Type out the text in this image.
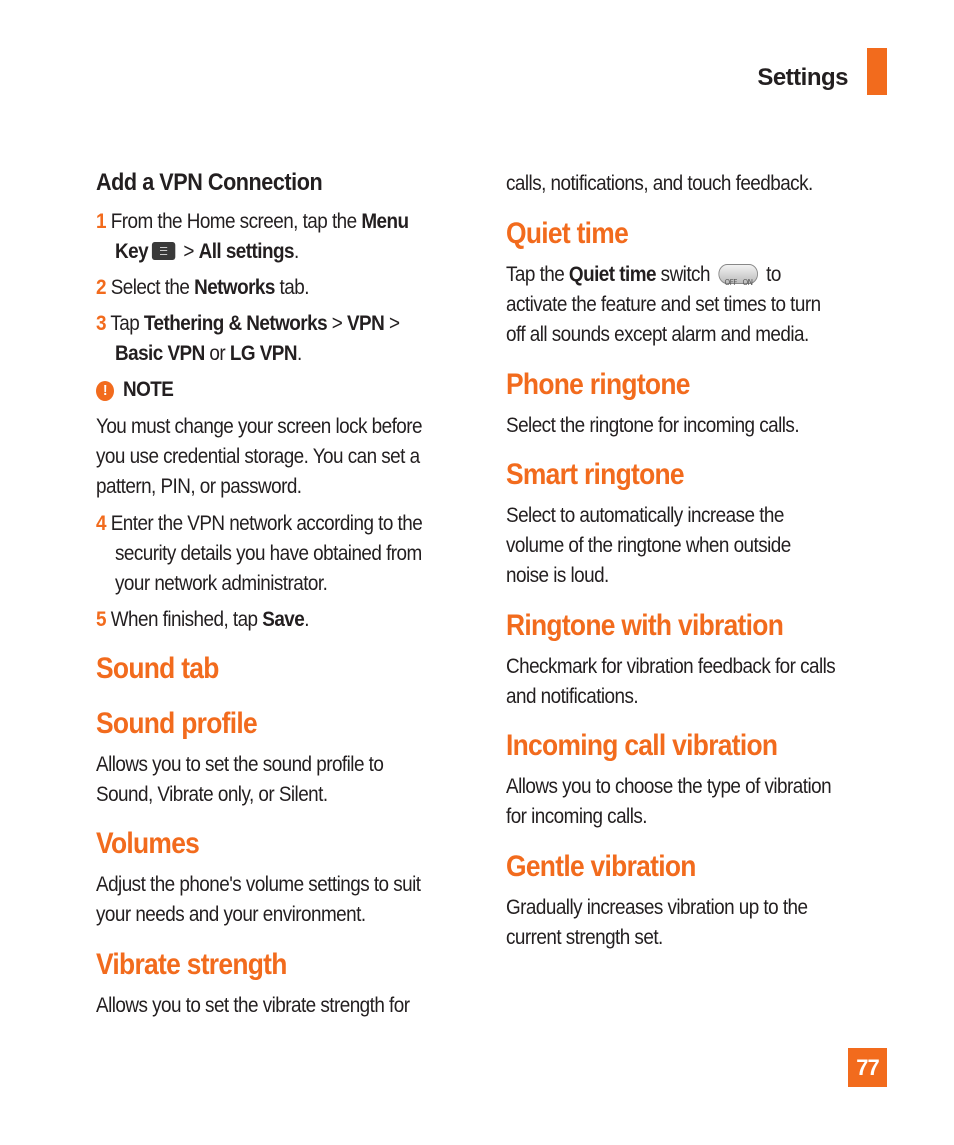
Settings
Add a VPN Connection
1 From the Home screen, tap the Menu
Key > All settings.
2 Select the Networks tab.
3 Tap Tethering & Networks > VPN >
Basic VPN or LG VPN.
! NOTE
You must change your screen lock before
you use credential storage. You can set a
pattern, PIN, or password.
4 Enter the VPN network according to the
security details you have obtained from
your network administrator.
5 When finished, tap Save.
Sound tab
Sound profile
Allows you to set the sound profile to
Sound, Vibrate only, or Silent.
Volumes
Adjust the phone's volume settings to suit
your needs and your environment.
Vibrate strength
Allows you to set the vibrate strength for
calls, notifications, and touch feedback.
Quiet time
Tap the Quiet time switch OFF ON to
activate the feature and set times to turn
off all sounds except alarm and media.
Phone ringtone
Select the ringtone for incoming calls.
Smart ringtone
Select to automatically increase the
volume of the ringtone when outside
noise is loud.
Ringtone with vibration
Checkmark for vibration feedback for calls
and notifications.
Incoming call vibration
Allows you to choose the type of vibration
for incoming calls.
Gentle vibration
Gradually increases vibration up to the
current strength set.
77
